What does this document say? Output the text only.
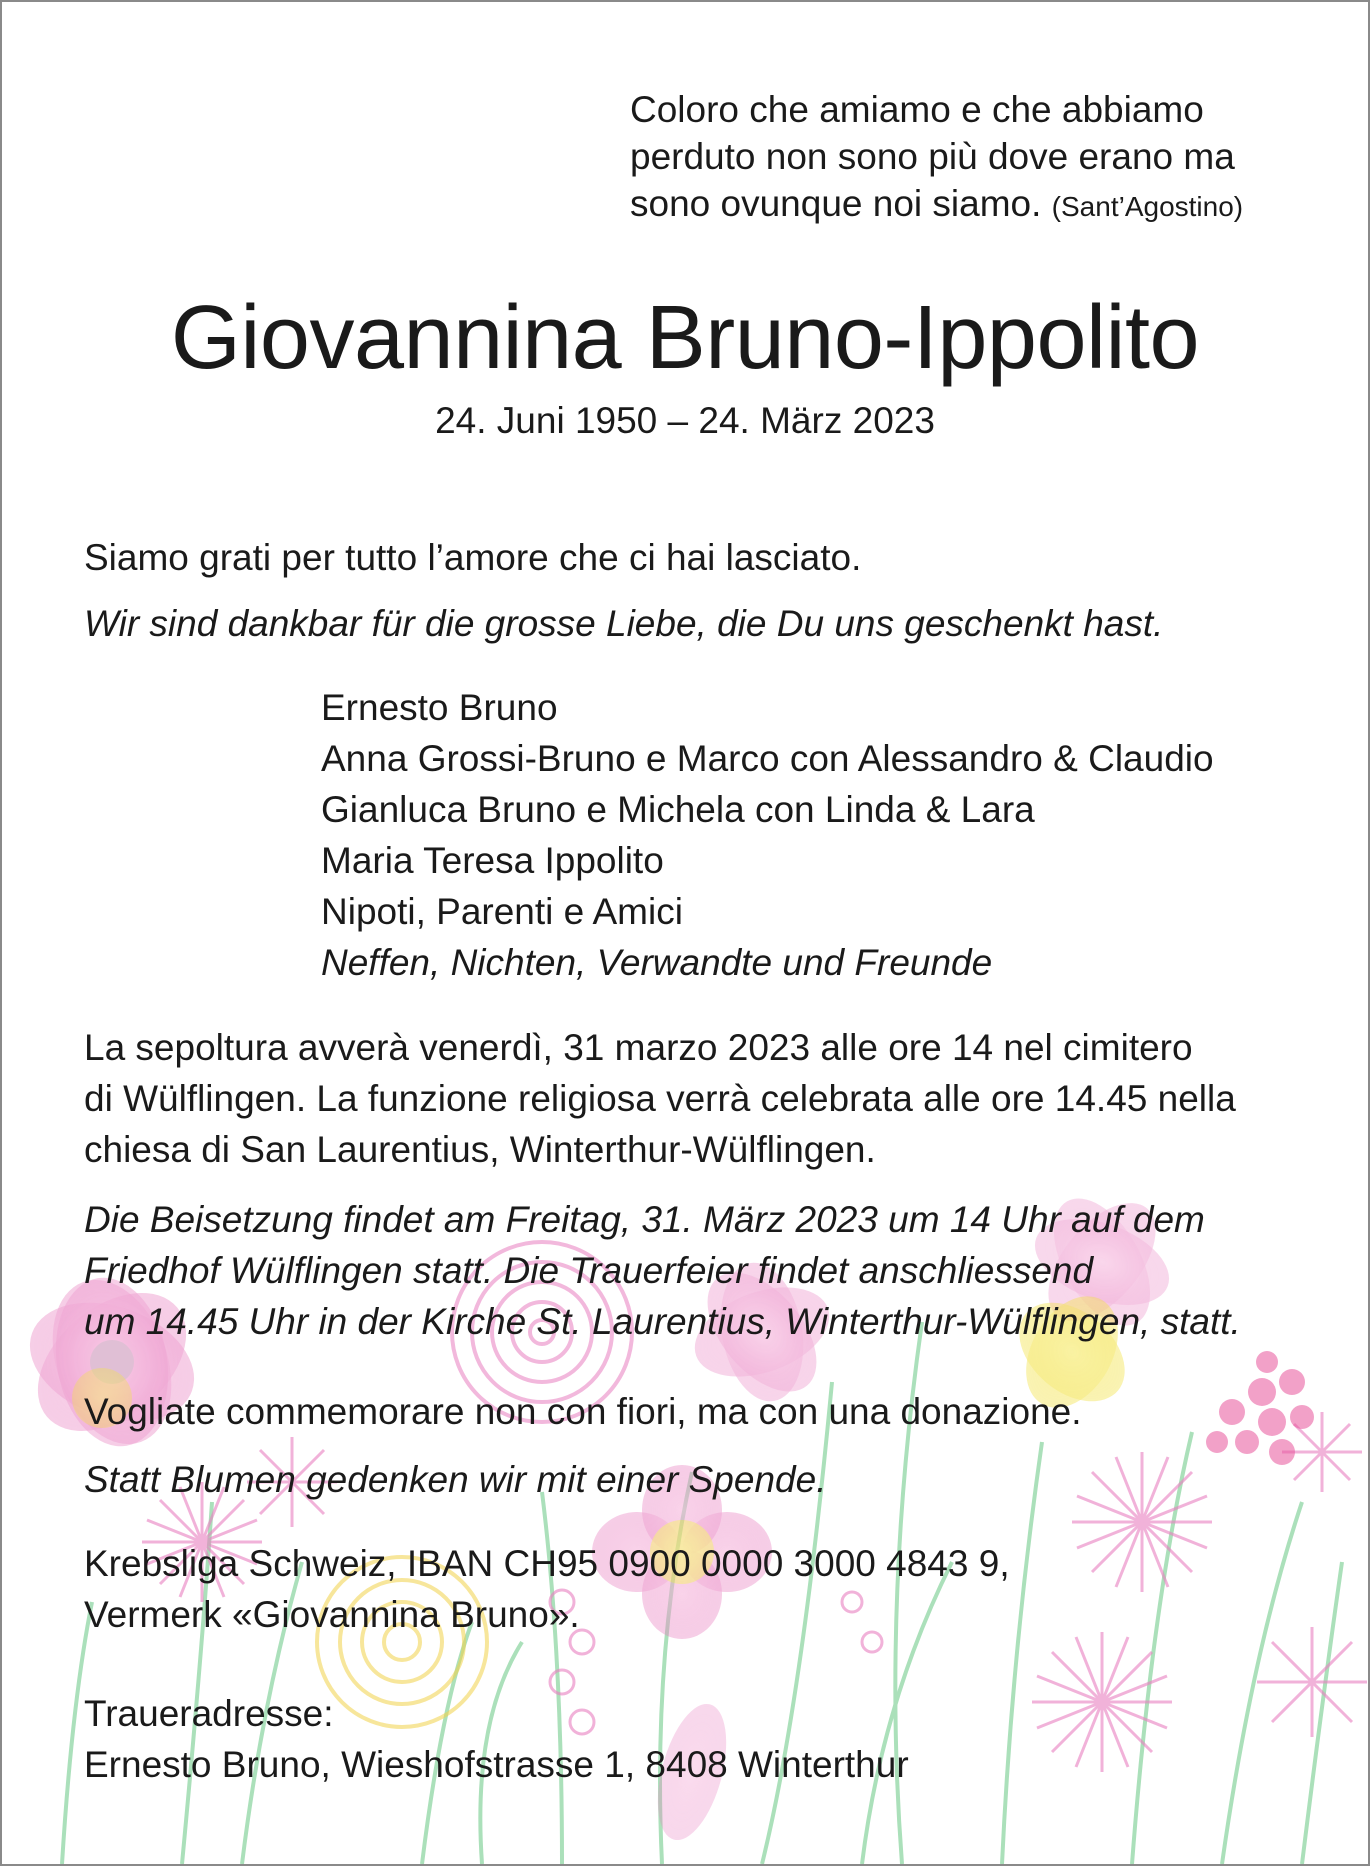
Coloro che amiamo e che abbiamo
perduto non sono più dove erano ma
sono ovunque noi siamo. (Sant’Agostino)

Giovannina Bruno-Ippolito

24. Juni 1950 – 24. März 2023

Siamo grati per tutto l’amore che ci hai lasciato.

Wir sind dankbar für die grosse Liebe, die Du uns geschenkt hast.

Ernesto Bruno
Anna Grossi-Bruno e Marco con Alessandro & Claudio
Gianluca Bruno e Michela con Linda & Lara
Maria Teresa Ippolito
Nipoti, Parenti e Amici
Neffen, Nichten, Verwandte und Freunde

La sepoltura avverà venerdì, 31 marzo 2023 alle ore 14 nel cimitero
di Wülflingen. La funzione religiosa verrà celebrata alle ore 14.45 nella
chiesa di San Laurentius, Winterthur-Wülflingen.

Die Beisetzung findet am Freitag, 31. März 2023 um 14 Uhr auf dem
Friedhof Wülflingen statt. Die Trauerfeier findet anschliessend
um 14.45 Uhr in der Kirche St. Laurentius, Winterthur-Wülflingen, statt.

Vogliate commemorare non con fiori, ma con una donazione.

Statt Blumen gedenken wir mit einer Spende.

Krebsliga Schweiz, IBAN CH95 0900 0000 3000 4843 9,
Vermerk «Giovannina Bruno».

Traueradresse:

Ernesto Bruno, Wieshofstrasse 1, 8408 Winterthur
